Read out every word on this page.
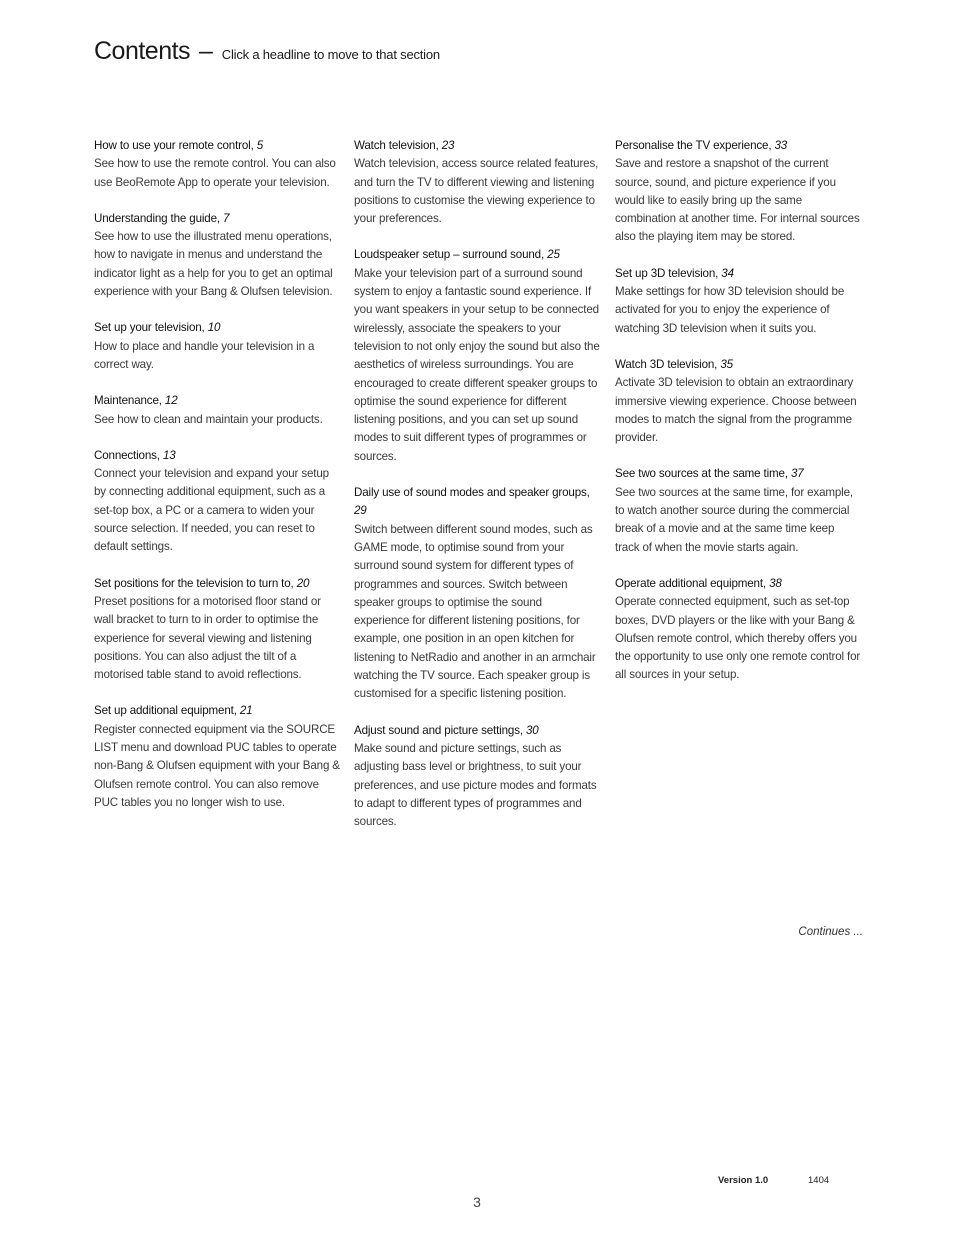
Contents – Click a headline to move to that section
How to use your remote control, 5

See how to use the remote control. You can also use BeoRemote App to operate your television.

Understanding the guide, 7

See how to use the illustrated menu operations, how to navigate in menus and understand the indicator light as a help for you to get an optimal experience with your Bang & Olufsen television.

Set up your television, 10

How to place and handle your television in a correct way.

Maintenance, 12

See how to clean and maintain your products.

Connections, 13

Connect your television and expand your setup by connecting additional equipment, such as a set-top box, a PC or a camera to widen your source selection. If needed, you can reset to default settings.

Set positions for the television to turn to, 20

Preset positions for a motorised floor stand or wall bracket to turn to in order to optimise the experience for several viewing and listening positions. You can also adjust the tilt of a motorised table stand to avoid reflections.

Set up additional equipment, 21

Register connected equipment via the SOURCE LIST menu and download PUC tables to operate non-Bang & Olufsen equipment with your Bang & Olufsen remote control. You can also remove PUC tables you no longer wish to use.

Watch television, 23

Watch television, access source related features, and turn the TV to different viewing and listening positions to customise the viewing experience to your preferences.

Loudspeaker setup – surround sound, 25

Make your television part of a surround sound system to enjoy a fantastic sound experience. If you want speakers in your setup to be connected wirelessly, associate the speakers to your television to not only enjoy the sound but also the aesthetics of wireless surroundings. You are encouraged to create different speaker groups to optimise the sound experience for different listening positions, and you can set up sound modes to suit different types of programmes or sources.

Daily use of sound modes and speaker groups, 29

Switch between different sound modes, such as GAME mode, to optimise sound from your surround sound system for different types of programmes and sources. Switch between speaker groups to optimise the sound experience for different listening positions, for example, one position in an open kitchen for listening to NetRadio and another in an armchair watching the TV source. Each speaker group is customised for a specific listening position.

Adjust sound and picture settings, 30

Make sound and picture settings, such as adjusting bass level or brightness, to suit your preferences, and use picture modes and formats to adapt to different types of programmes and sources.

Personalise the TV experience, 33

Save and restore a snapshot of the current source, sound, and picture experience if you would like to easily bring up the same combination at another time. For internal sources also the playing item may be stored.

Set up 3D television, 34

Make settings for how 3D television should be activated for you to enjoy the experience of watching 3D television when it suits you.

Watch 3D television, 35

Activate 3D television to obtain an extraordinary immersive viewing experience. Choose between modes to match the signal from the programme provider.

See two sources at the same time, 37

See two sources at the same time, for example, to watch another source during the commercial break of a movie and at the same time keep track of when the movie starts again.

Operate additional equipment, 38

Operate connected equipment, such as set-top boxes, DVD players or the like with your Bang & Olufsen remote control, which thereby offers you the opportunity to use only one remote control for all sources in your setup.

Continues ...
Version 1.0	1404
3
